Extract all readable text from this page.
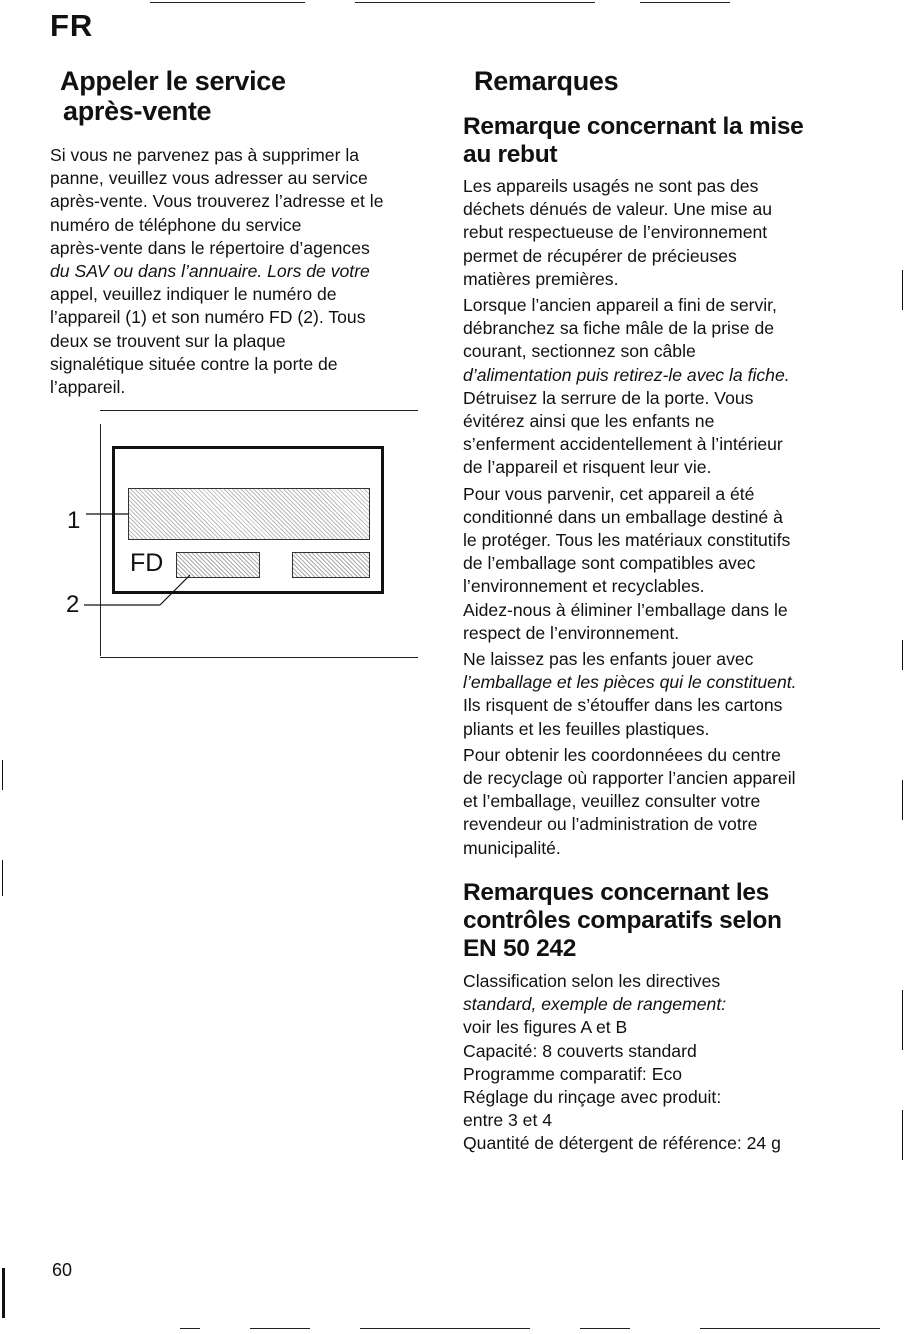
FR
Appeler le service
après-vente
Si vous ne parvenez pas à supprimer la
panne, veuillez vous adresser au service
après-vente. Vous trouverez l’adresse et le
numéro de téléphone du service
après-vente dans le répertoire d’agences
du SAV ou dans l’annuaire. Lors de votre
appel, veuillez indiquer le numéro de
l’appareil (1) et son numéro FD (2). Tous
deux se trouvent sur la plaque
signalétique située contre la porte de
l’appareil.
FD
1
2
Remarques
Remarque concernant la mise
au rebut

Les appareils usagés ne sont pas des
déchets dénués de valeur. Une mise au
rebut respectueuse de l’environnement
permet de récupérer de précieuses
matières premières.

Lorsque l’ancien appareil a fini de servir,
débranchez sa fiche mâle de la prise de
courant, sectionnez son câble
d’alimentation puis retirez-le avec la fiche.
Détruisez la serrure de la porte. Vous
évitérez ainsi que les enfants ne
s’enferment accidentellement à l’intérieur
de l’appareil et risquent leur vie.

Pour vous parvenir, cet appareil a été
conditionné dans un emballage destiné à
le protéger. Tous les matériaux constitutifs
de l’emballage sont compatibles avec
l’environnement et recyclables.
Aidez-nous à éliminer l’emballage dans le
respect de l’environnement.

Ne laissez pas les enfants jouer avec
l’emballage et les pièces qui le constituent.
Ils risquent de s’étouffer dans les cartons
pliants et les feuilles plastiques.

Pour obtenir les coordonnéees du centre
de recyclage où rapporter l’ancien appareil
et l’emballage, veuillez consulter votre
revendeur ou l’administration de votre
municipalité.

Remarques concernant les
contrôles comparatifs selon
EN 50 242
Classification selon les directives
standard, exemple de rangement:
voir les figures A et B
Capacité: 8 couverts standard
Programme comparatif: Eco
Réglage du rinçage avec produit:
entre 3 et 4
Quantité de détergent de référence: 24 g
60
